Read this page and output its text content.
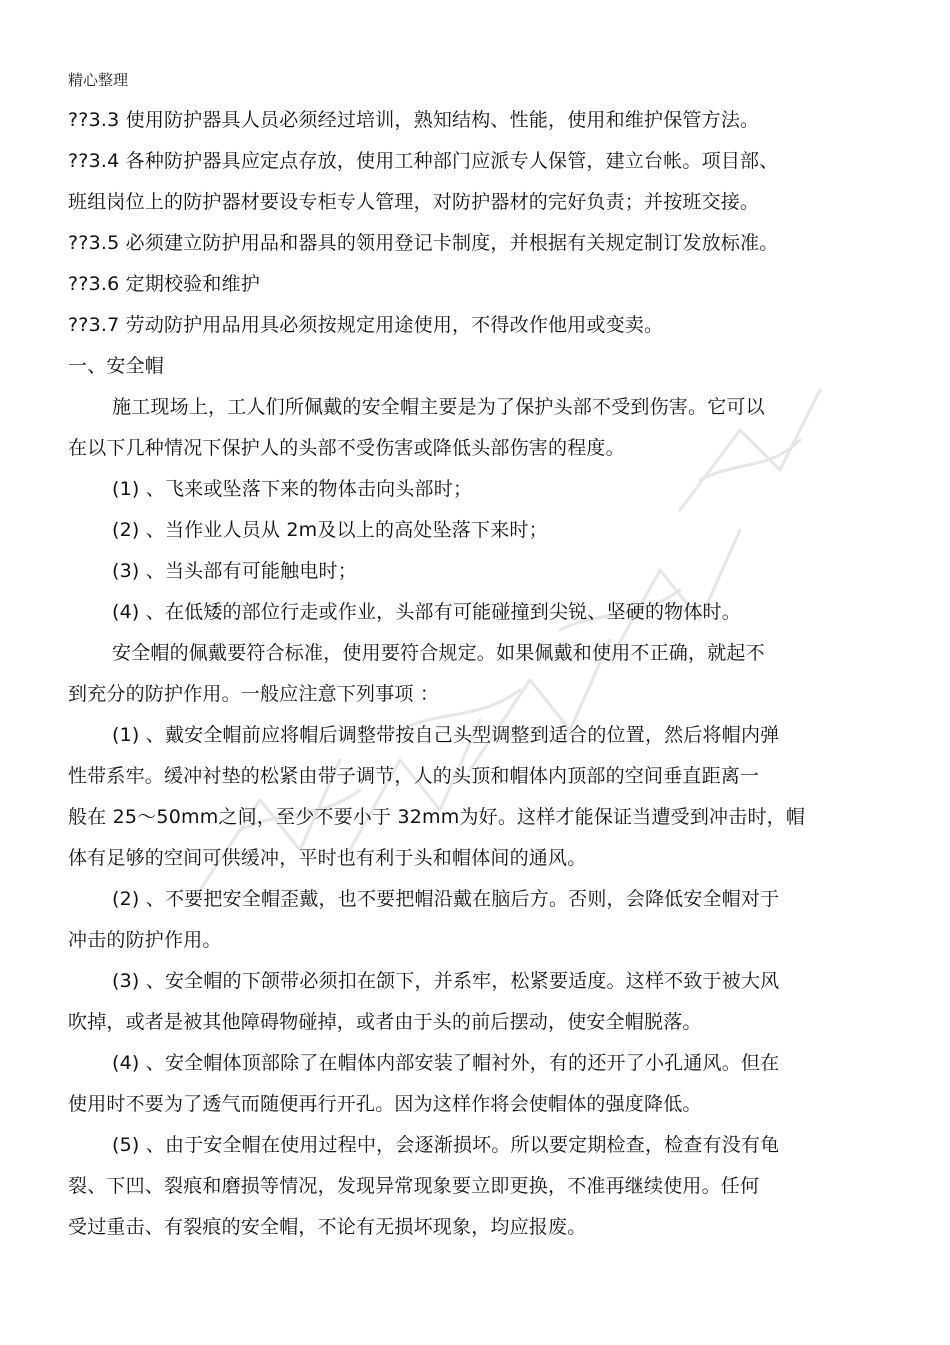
精心整理
??3.3 使用防护器具人员必须经过培训，熟知结构、性能，使用和维护保管方法。
??3.4 各种防护器具应定点存放，使用工种部门应派专人保管，建立台帐。项目部、
班组岗位上的防护器材要设专柜专人管理，对防护器材的完好负责；并按班交接。
??3.5 必须建立防护用品和器具的领用登记卡制度，并根据有关规定制订发放标准。
??3.6 定期校验和维护
??3.7 劳动防护用品用具必须按规定用途使用，不得改作他用或变卖。
一、安全帽
施工现场上，工人们所佩戴的安全帽主要是为了保护头部不受到伤害。它可以
在以下几种情况下保护人的头部不受伤害或降低头部伤害的程度。
(1) 、飞来或坠落下来的物体击向头部时；
(2) 、当作业人员从 2m及以上的高处坠落下来时；
(3) 、当头部有可能触电时；
(4) 、在低矮的部位行走或作业，头部有可能碰撞到尖锐、坚硬的物体时。
安全帽的佩戴要符合标准，使用要符合规定。如果佩戴和使用不正确，就起不
到充分的防护作用。一般应注意下列事项 ：
(1) 、戴安全帽前应将帽后调整带按自己头型调整到适合的位置，然后将帽内弹
性带系牢。缓冲衬垫的松紧由带子调节，人的头顶和帽体内顶部的空间垂直距离一
般在 25～50mm之间，至少不要小于 32mm为好。这样才能保证当遭受到冲击时，帽
体有足够的空间可供缓冲，平时也有利于头和帽体间的通风。
(2) 、不要把安全帽歪戴，也不要把帽沿戴在脑后方。否则，会降低安全帽对于
冲击的防护作用。
(3) 、安全帽的下颌带必须扣在颌下，并系牢，松紧要适度。这样不致于被大风
吹掉，或者是被其他障碍物碰掉，或者由于头的前后摆动，使安全帽脱落。
(4) 、安全帽体顶部除了在帽体内部安装了帽衬外，有的还开了小孔通风。但在
使用时不要为了透气而随便再行开孔。因为这样作将会使帽体的强度降低。
(5) 、由于安全帽在使用过程中，会逐渐损坏。所以要定期检查，检查有没有龟
裂、下凹、裂痕和磨损等情况，发现异常现象要立即更换，不准再继续使用。任何
受过重击、有裂痕的安全帽，不论有无损坏现象，均应报废。
